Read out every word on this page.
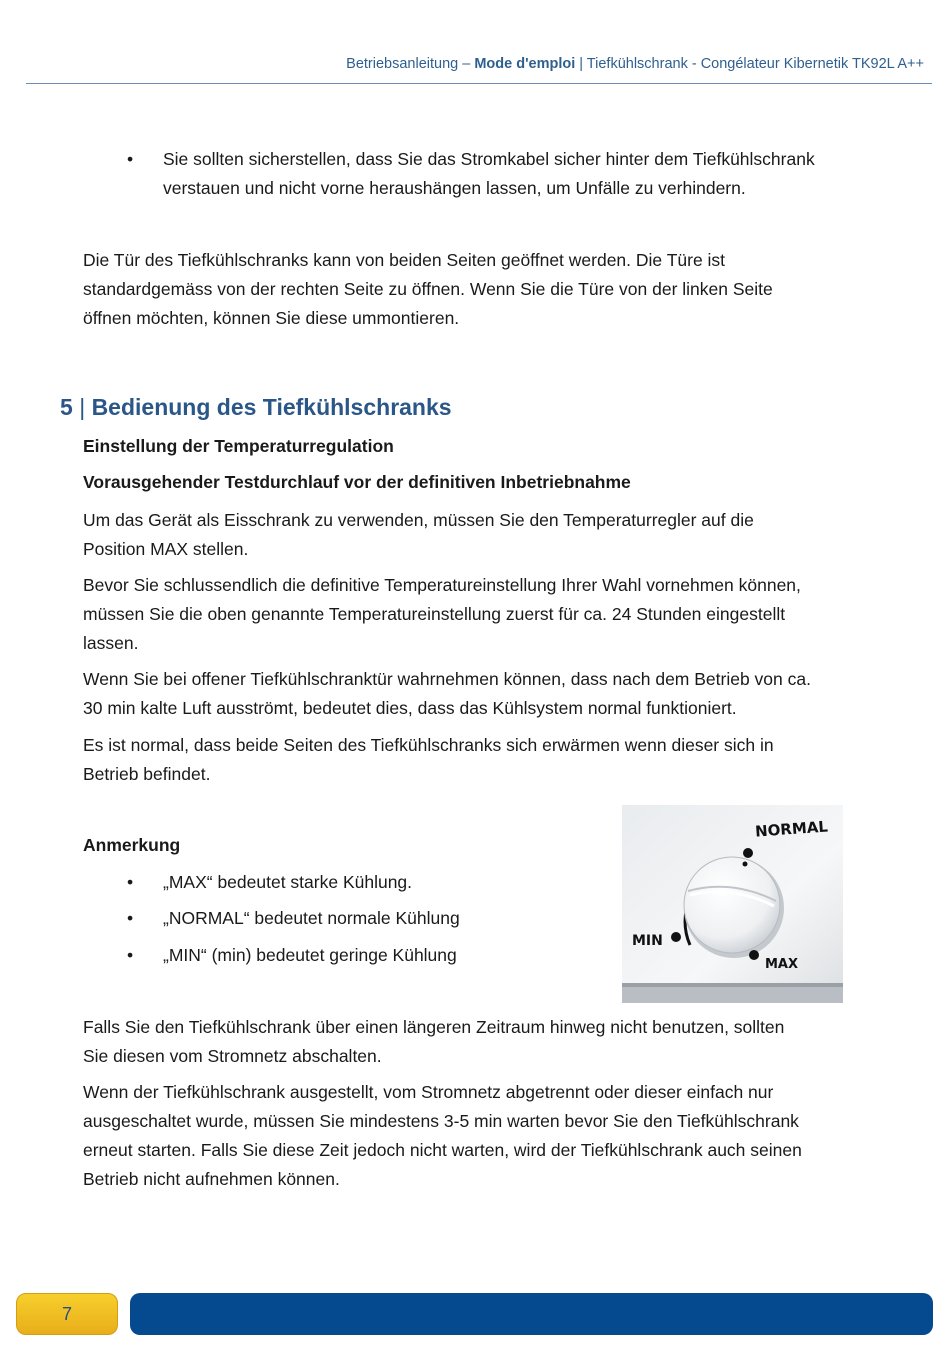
Betriebsanleitung – Mode d'emploi | Tiefkühlschrank - Congélateur Kibernetik TK92L A++
•	Sie sollten sicherstellen, dass Sie das Stromkabel sicher hinter dem Tiefkühlschrank
verstauen und nicht vorne heraushängen lassen, um Unfälle zu verhindern.
Die Tür des Tiefkühlschranks kann von beiden Seiten geöffnet werden. Die Türe ist
standardgemäss von der rechten Seite zu öffnen. Wenn Sie die Türe von der linken Seite
öffnen möchten, können Sie diese ummontieren.
5 | Bedienung des Tiefkühlschranks
Einstellung der Temperaturregulation
Vorausgehender Testdurchlauf vor der definitiven Inbetriebnahme
Um das Gerät als Eisschrank zu verwenden, müssen Sie den Temperaturregler auf die
Position MAX stellen.
Bevor Sie schlussendlich die definitive Temperatureinstellung Ihrer Wahl vornehmen können,
müssen Sie die oben genannte Temperatureinstellung zuerst für ca. 24 Stunden eingestellt
lassen.
Wenn Sie bei offener Tiefkühlschranktür wahrnehmen können, dass nach dem Betrieb von ca.
30 min kalte Luft ausströmt, bedeutet dies, dass das Kühlsystem normal funktioniert.
Es ist normal, dass beide Seiten des Tiefkühlschranks sich erwärmen wenn dieser sich in
Betrieb befindet.
Anmerkung
•	„MAX“ bedeutet starke Kühlung.
•	„NORMAL“ bedeutet normale Kühlung
•	„MIN“ (min) bedeutet geringe Kühlung
NORMAL
MIN
MAX
Falls Sie den Tiefkühlschrank über einen längeren Zeitraum hinweg nicht benutzen, sollten
Sie diesen vom Stromnetz abschalten.
Wenn der Tiefkühlschrank ausgestellt, vom Stromnetz abgetrennt oder dieser einfach nur
ausgeschaltet wurde, müssen Sie mindestens 3-5 min warten bevor Sie den Tiefkühlschrank
erneut starten. Falls Sie diese Zeit jedoch nicht warten, wird der Tiefkühlschrank auch seinen
Betrieb nicht aufnehmen können.
7
